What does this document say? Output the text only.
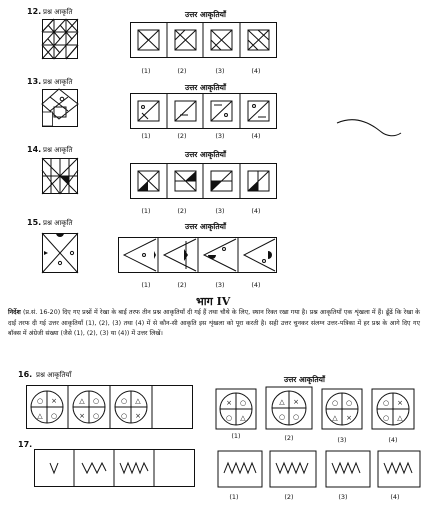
12. प्रश्न आकृति	उत्तर आकृतियाँ
(1)	(2)	(3)	(4)
13. प्रश्न आकृति
उत्तर आकृतियाँ
(1)	(2)	(3)	(4)
14. प्रश्न आकृति	उत्तर आकृतियाँ
(1)	(2)	(3)	(4)
15. प्रश्न आकृति	उत्तर आकृतियाँ
(1)	(2)	(3)	(4)
भाग IV
निर्देश (प्र.सं. 16-20) दिए गए प्रश्नों में रेखा के बाईं तरफ तीन प्रश्न आकृतियाँ दी गई हैं तथा चौथे के लिए, स्थान रिक्त रखा गया है। प्रश्न आकृतियाँ एक शृंखला में हैं। ढूँढें कि रेखा के दाईं तरफ दी गई उत्तर आकृतियाँ (1), (2), (3) तथा (4) में से कौन-सी आकृति इस शृंखला को पूरा करती है। सही उत्तर चुनकर संलग्न उत्तर-पत्रिका में हर प्रश्न के आगे दिए गए बॉक्स में अंग्रेजी संख्या (जैसे (1), (2), (3) या (4)) में उत्तर लिखें।
16. प्रश्न आकृतियाँ	उत्तर आकृतियाँ
○ ×
△ ○
△ ○
× ○
○ △
○ ×
× ○
○ △
△ ×
○ ○
○ ○
△ ×
○ ×
○ △
(1)	(2)	(3)	(4)
17.
(1)	(2)	(3)	(4)
